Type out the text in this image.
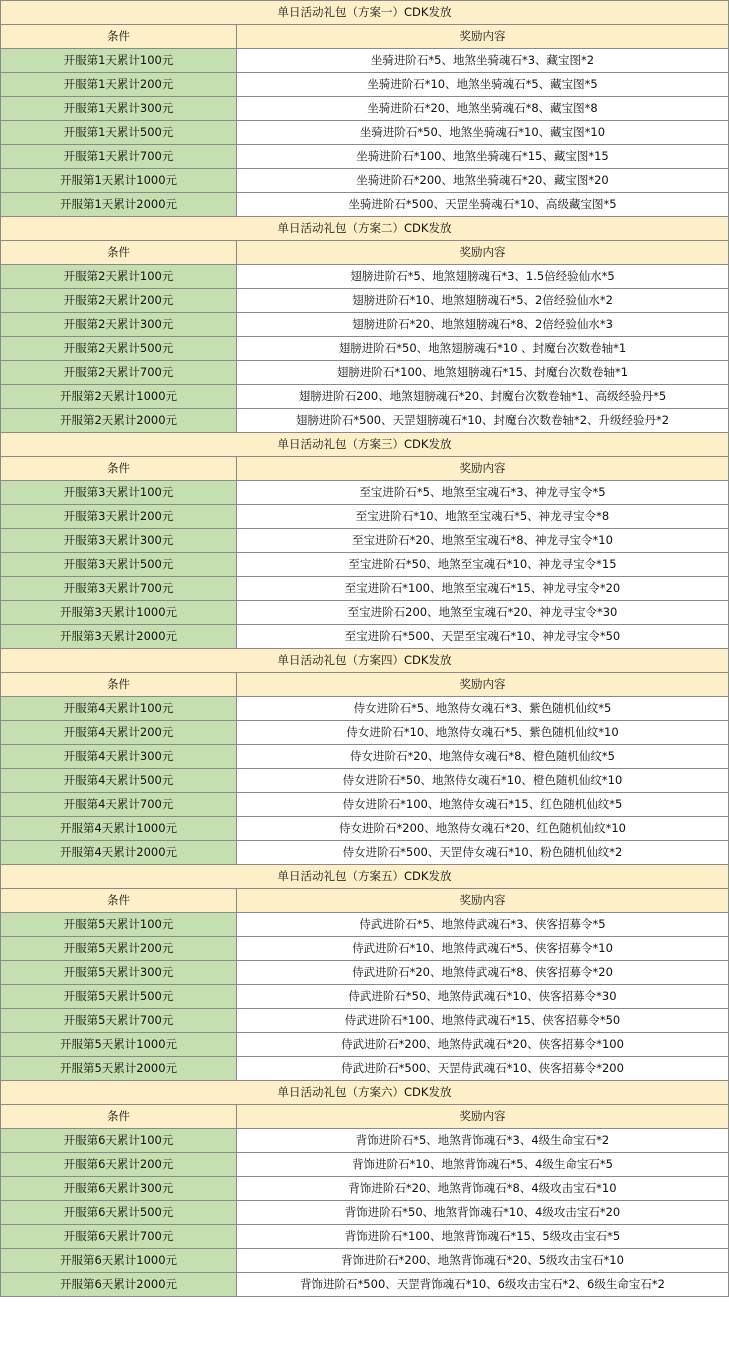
单日活动礼包（方案一）CDK发放	
条件	奖励内容
开服第1天累计100元	坐骑进阶石*5、地煞坐骑魂石*3、藏宝图*2
开服第1天累计200元	坐骑进阶石*10、地煞坐骑魂石*5、藏宝图*5
开服第1天累计300元	坐骑进阶石*20、地煞坐骑魂石*8、藏宝图*8
开服第1天累计500元	坐骑进阶石*50、地煞坐骑魂石*10、藏宝图*10
开服第1天累计700元	坐骑进阶石*100、地煞坐骑魂石*15、藏宝图*15
开服第1天累计1000元	坐骑进阶石*200、地煞坐骑魂石*20、藏宝图*20
开服第1天累计2000元	坐骑进阶石*500、天罡坐骑魂石*10、高级藏宝图*5
单日活动礼包（方案二）CDK发放	
条件	奖励内容
开服第2天累计100元	翅膀进阶石*5、地煞翅膀魂石*3、1.5倍经验仙水*5
开服第2天累计200元	翅膀进阶石*10、地煞翅膀魂石*5、2倍经验仙水*2
开服第2天累计300元	翅膀进阶石*20、地煞翅膀魂石*8、2倍经验仙水*3
开服第2天累计500元	翅膀进阶石*50、地煞翅膀魂石*10 、封魔台次数卷轴*1
开服第2天累计700元	翅膀进阶石*100、地煞翅膀魂石*15、封魔台次数卷轴*1
开服第2天累计1000元	翅膀进阶石200、地煞翅膀魂石*20、封魔台次数卷轴*1、高级经验丹*5
开服第2天累计2000元	翅膀进阶石*500、天罡翅膀魂石*10、封魔台次数卷轴*2、升级经验丹*2
单日活动礼包（方案三）CDK发放	
条件	奖励内容
开服第3天累计100元	至宝进阶石*5、地煞至宝魂石*3、神龙寻宝令*5
开服第3天累计200元	至宝进阶石*10、地煞至宝魂石*5、神龙寻宝令*8
开服第3天累计300元	至宝进阶石*20、地煞至宝魂石*8、神龙寻宝令*10
开服第3天累计500元	至宝进阶石*50、地煞至宝魂石*10、神龙寻宝令*15
开服第3天累计700元	至宝进阶石*100、地煞至宝魂石*15、神龙寻宝令*20
开服第3天累计1000元	至宝进阶石200、地煞至宝魂石*20、神龙寻宝令*30
开服第3天累计2000元	至宝进阶石*500、天罡至宝魂石*10、神龙寻宝令*50
单日活动礼包（方案四）CDK发放	
条件	奖励内容
开服第4天累计100元	侍女进阶石*5、地煞侍女魂石*3、紫色随机仙纹*5
开服第4天累计200元	侍女进阶石*10、地煞侍女魂石*5、紫色随机仙纹*10
开服第4天累计300元	侍女进阶石*20、地煞侍女魂石*8、橙色随机仙纹*5
开服第4天累计500元	侍女进阶石*50、地煞侍女魂石*10、橙色随机仙纹*10
开服第4天累计700元	侍女进阶石*100、地煞侍女魂石*15、红色随机仙纹*5
开服第4天累计1000元	侍女进阶石*200、地煞侍女魂石*20、红色随机仙纹*10
开服第4天累计2000元	侍女进阶石*500、天罡侍女魂石*10、粉色随机仙纹*2
单日活动礼包（方案五）CDK发放	
条件	奖励内容
开服第5天累计100元	侍武进阶石*5、地煞侍武魂石*3、侠客招募令*5
开服第5天累计200元	侍武进阶石*10、地煞侍武魂石*5、侠客招募令*10
开服第5天累计300元	侍武进阶石*20、地煞侍武魂石*8、侠客招募令*20
开服第5天累计500元	侍武进阶石*50、地煞侍武魂石*10、侠客招募令*30
开服第5天累计700元	侍武进阶石*100、地煞侍武魂石*15、侠客招募令*50
开服第5天累计1000元	侍武进阶石*200、地煞侍武魂石*20、侠客招募令*100
开服第5天累计2000元	侍武进阶石*500、天罡侍武魂石*10、侠客招募令*200
单日活动礼包（方案六）CDK发放	
条件	奖励内容
开服第6天累计100元	背饰进阶石*5、地煞背饰魂石*3、4级生命宝石*2
开服第6天累计200元	背饰进阶石*10、地煞背饰魂石*5、4级生命宝石*5
开服第6天累计300元	背饰进阶石*20、地煞背饰魂石*8、4级攻击宝石*10
开服第6天累计500元	背饰进阶石*50、地煞背饰魂石*10、4级攻击宝石*20
开服第6天累计700元	背饰进阶石*100、地煞背饰魂石*15、5级攻击宝石*5
开服第6天累计1000元	背饰进阶石*200、地煞背饰魂石*20、5级攻击宝石*10
开服第6天累计2000元	背饰进阶石*500、天罡背饰魂石*10、6级攻击宝石*2、6级生命宝石*2
